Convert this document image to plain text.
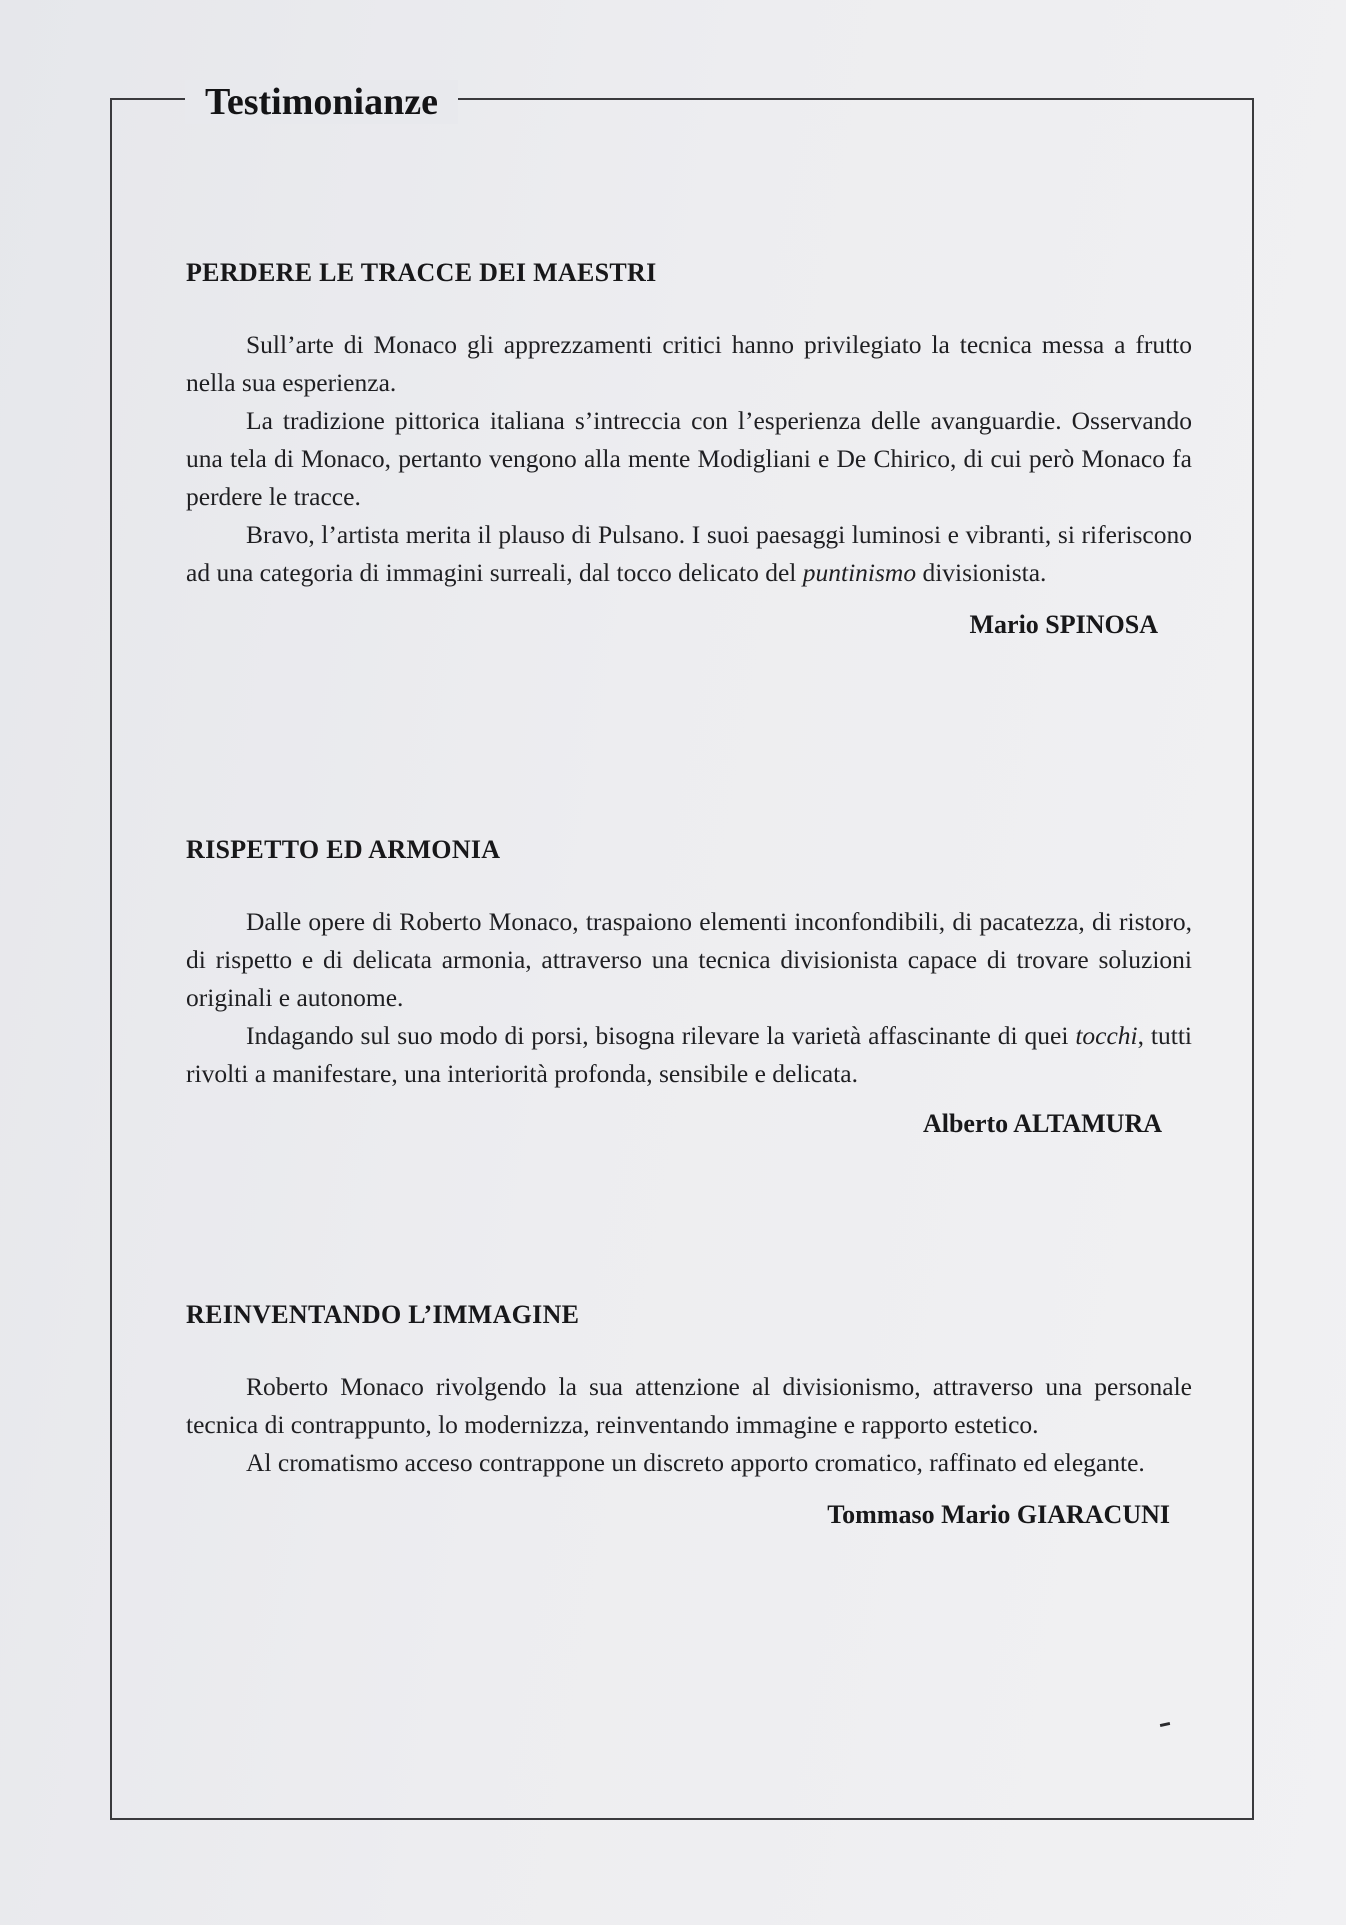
Testimonianze
PERDERE LE TRACCE DEI MAESTRI

Sull’arte di Monaco gli apprezzamenti critici hanno privilegiato la tecnica messa a frutto nella sua esperienza.

La tradizione pittorica italiana s’intreccia con l’esperienza delle avanguardie. Osservando una tela di Monaco, pertanto vengono alla mente Modigliani e De Chirico, di cui però Monaco fa perdere le tracce.

Bravo, l’artista merita il plauso di Pulsano. I suoi paesaggi luminosi e vibranti, si riferiscono ad una categoria di immagini surreali, dal tocco delicato del puntinismo divisionista.

Mario SPINOSA
RISPETTO ED ARMONIA

Dalle opere di Roberto Monaco, traspaiono elementi inconfondibili, di pacatezza, di ristoro, di rispetto e di delicata armonia, attraverso una tecnica divisionista capace di trovare soluzioni originali e autonome.

Indagando sul suo modo di porsi, bisogna rilevare la varietà affascinante di quei tocchi, tutti rivolti a manifestare, una interiorità profonda, sensibile e delicata.

Alberto ALTAMURA
REINVENTANDO L’IMMAGINE

Roberto Monaco rivolgendo la sua attenzione al divisionismo, attraverso una personale tecnica di contrappunto, lo modernizza, reinventando immagine e rapporto estetico.

Al cromatismo acceso contrappone un discreto apporto cromatico, raffinato ed elegante.

Tommaso Mario GIARACUNI
